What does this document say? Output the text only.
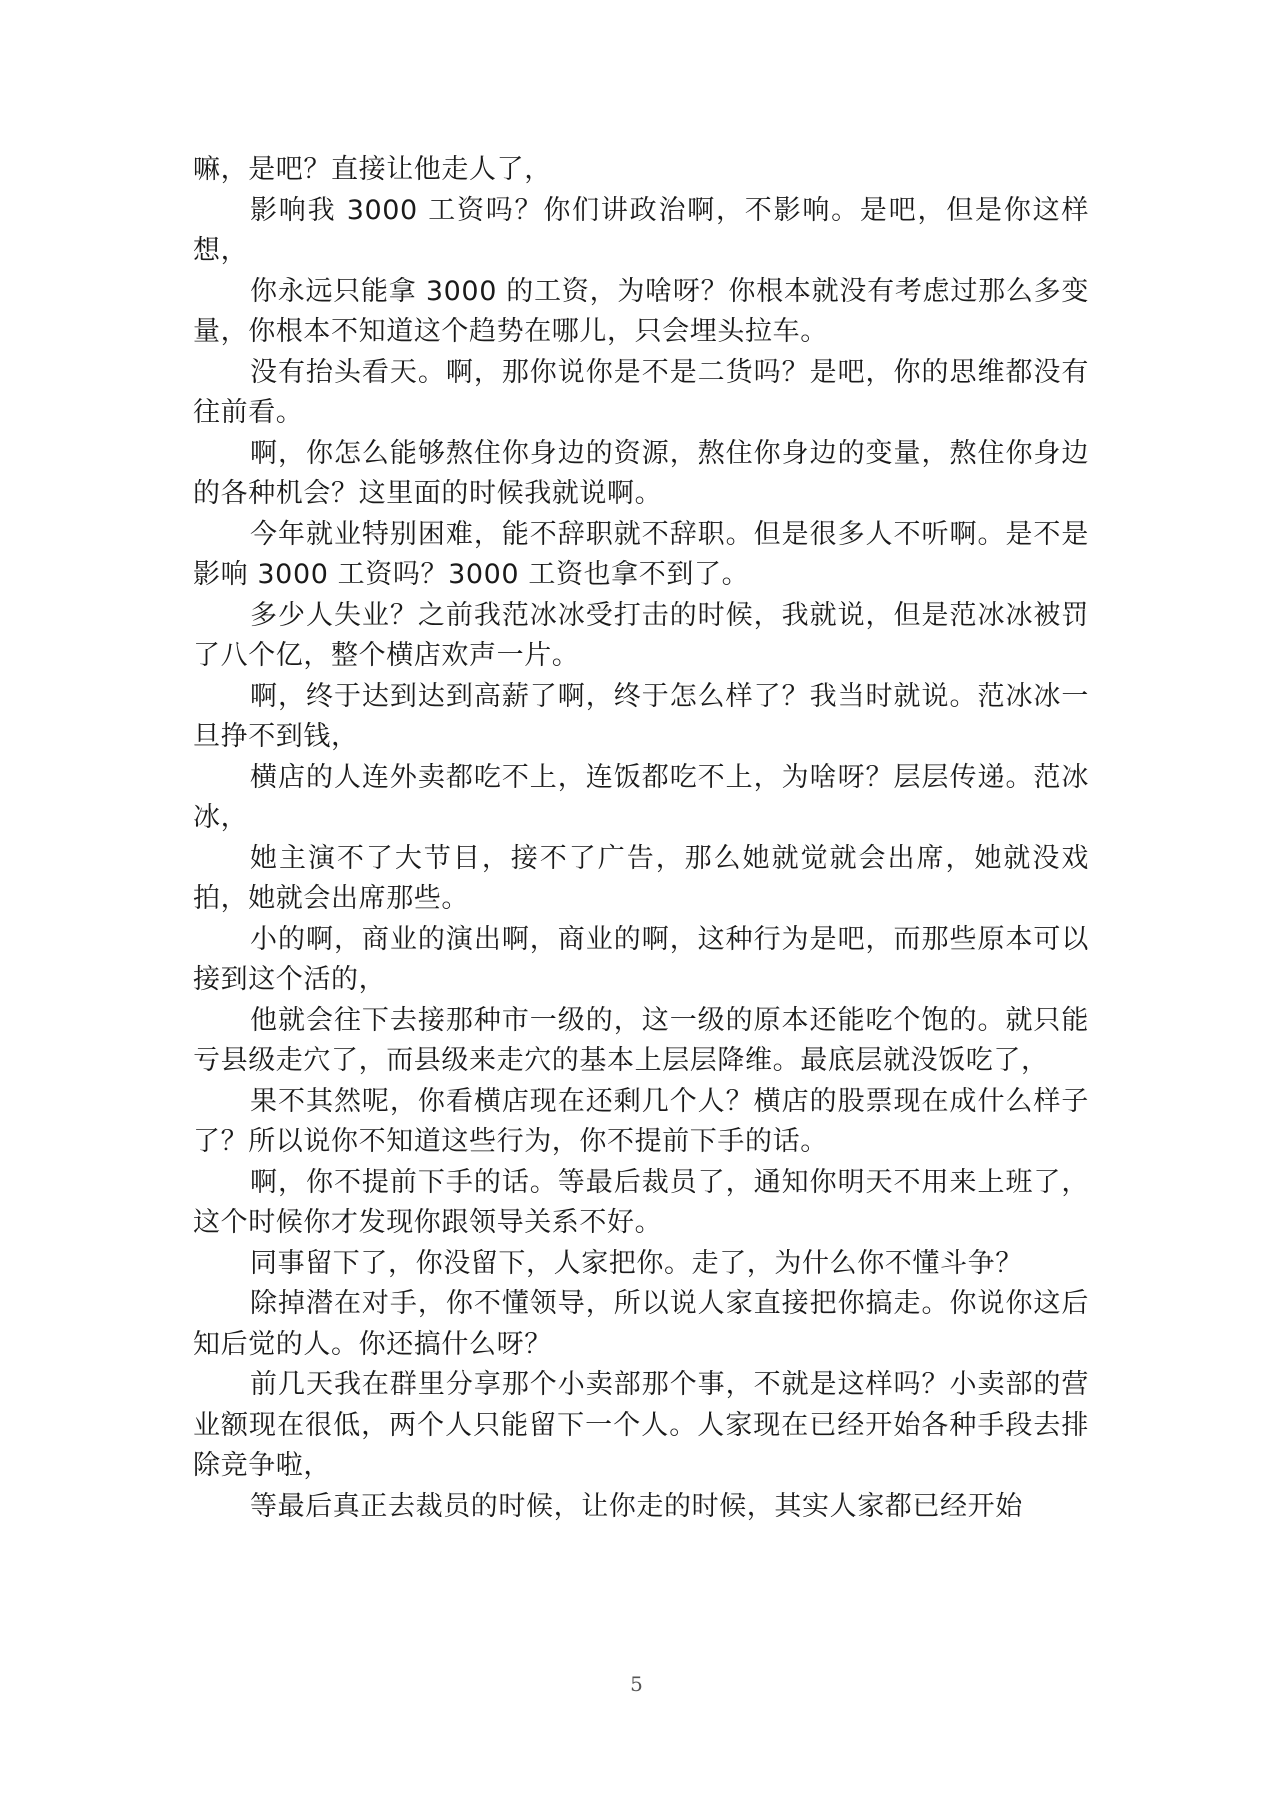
嘛，是吧？直接让他走人了，

影响我 3000 工资吗？你们讲政治啊，不影响。是吧，但是你这样想，

你永远只能拿 3000 的工资，为啥呀？你根本就没有考虑过那么多变量，你根本不知道这个趋势在哪儿，只会埋头拉车。

没有抬头看天。啊，那你说你是不是二货吗？是吧，你的思维都没有往前看。

啊，你怎么能够熬住你身边的资源，熬住你身边的变量，熬住你身边的各种机会？这里面的时候我就说啊。

今年就业特别困难，能不辞职就不辞职。但是很多人不听啊。是不是影响 3000 工资吗？3000 工资也拿不到了。

多少人失业？之前我范冰冰受打击的时候，我就说，但是范冰冰被罚了八个亿，整个横店欢声一片。

啊，终于达到达到高薪了啊，终于怎么样了？我当时就说。范冰冰一旦挣不到钱，

横店的人连外卖都吃不上，连饭都吃不上，为啥呀？层层传递。范冰冰，

她主演不了大节目，接不了广告，那么她就觉就会出席，她就没戏拍，她就会出席那些。

小的啊，商业的演出啊，商业的啊，这种行为是吧，而那些原本可以接到这个活的，

他就会往下去接那种市一级的，这一级的原本还能吃个饱的。就只能亏县级走穴了，而县级来走穴的基本上层层降维。最底层就没饭吃了，

果不其然呢，你看横店现在还剩几个人？横店的股票现在成什么样子了？所以说你不知道这些行为，你不提前下手的话。

啊，你不提前下手的话。等最后裁员了，通知你明天不用来上班了，这个时候你才发现你跟领导关系不好。

同事留下了，你没留下，人家把你。走了，为什么你不懂斗争？

除掉潜在对手，你不懂领导，所以说人家直接把你搞走。你说你这后知后觉的人。你还搞什么呀？

前几天我在群里分享那个小卖部那个事，不就是这样吗？小卖部的营业额现在很低，两个人只能留下一个人。人家现在已经开始各种手段去排除竞争啦，

等最后真正去裁员的时候，让你走的时候，其实人家都已经开始

5
